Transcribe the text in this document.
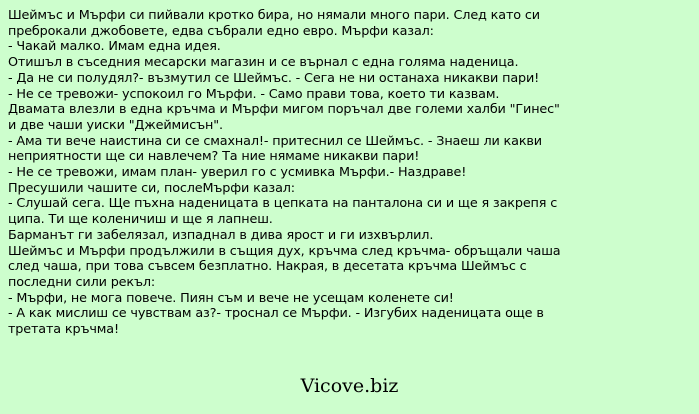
Шеймъс и Мърфи си пийвали кротко бира, но нямали много пари. След като си преброкали джобовете, едва събрали едно евро. Мърфи казал:

- Чакай малко. Имам една идея.

Отишъл в съседния месарски магазин и се върнал с една голяма наденица.

- Да не си полудял?- възмутил се Шеймъс. - Сега не ни останаха никакви пари!

- Не се тревожи- успокоил го Мърфи. - Само прави това, което ти казвам.

Двамата влезли в една кръчма и Мърфи мигом поръчал две големи халби "Гинес" и две чаши уиски "Джеймисън".

- Ама ти вече наистина си се смахнал!- притеснил се Шеймъс. - Знаеш ли какви неприятности ще си навлечем? Та ние нямаме никакви пари!

- Не се тревожи, имам план- уверил го с усмивка Мърфи.- Наздраве!

Пресушили чашите си, послеМърфи казал:

- Слушай сега. Ще пъхна наденицата в цепката на панталона си и ще я закрепя с ципа. Ти ще коленичиш и ще я лапнеш.

Барманът ги забелязал, изпаднал в дива ярост и ги изхвърлил.

Шеймъс и Мърфи продължили в същия дух, кръчма след кръчма- обръщали чаша след чаша, при това съвсем безплатно. Накрая, в десетата кръчма Шеймъс с последни сили рекъл:

- Мърфи, не мога повече. Пиян съм и вече не усещам коленете си!

- А как мислиш се чувствам аз?- троснал се Мърфи. - Изгубих наденицата още в третата кръчма!

Vicove.biz
